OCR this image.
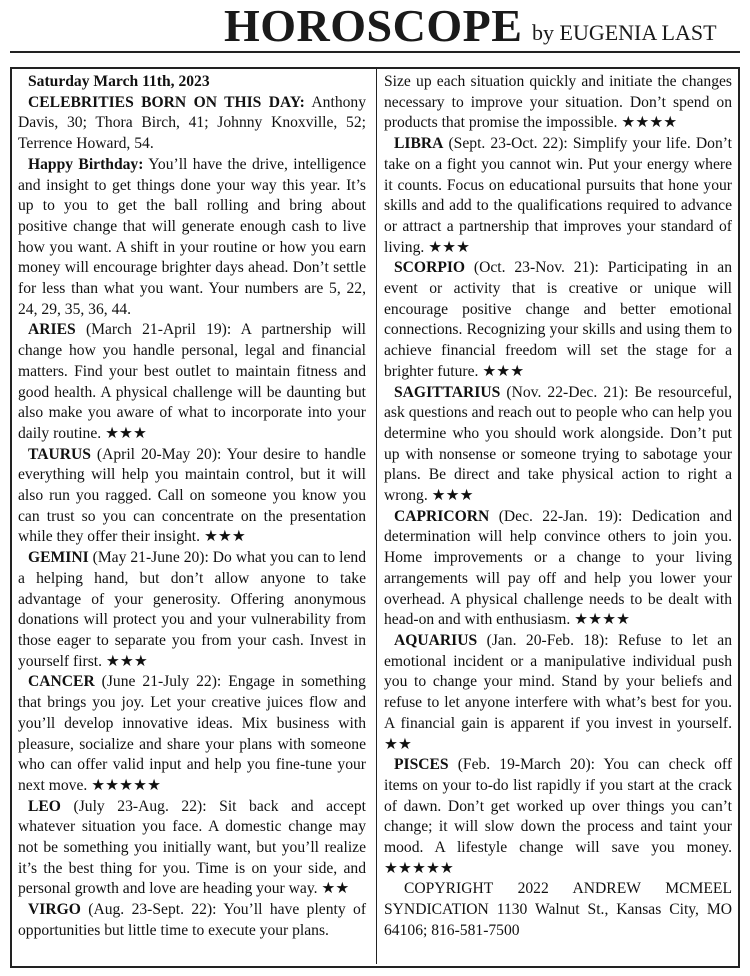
HOROSCOPE by EUGENIA LAST

Saturday March 11th, 2023

CELEBRITIES BORN ON THIS DAY: Anthony Davis, 30; Thora Birch, 41; Johnny Knoxville, 52; Terrence Howard, 54.

Happy Birthday: You’ll have the drive, intelligence and insight to get things done your way this year. It’s up to you to get the ball rolling and bring about positive change that will generate enough cash to live how you want. A shift in your routine or how you earn money will encourage brighter days ahead. Don’t settle for less than what you want. Your numbers are 5, 22, 24, 29, 35, 36, 44.

ARIES (March 21-April 19): A partnership will change how you handle personal, legal and financial matters. Find your best outlet to maintain fitness and good health. A physical challenge will be daunting but also make you aware of what to incorporate into your daily routine. ★★★

TAURUS (April 20-May 20): Your desire to handle everything will help you maintain control, but it will also run you ragged. Call on someone you know you can trust so you can concentrate on the presentation while they offer their insight. ★★★

GEMINI (May 21-June 20): Do what you can to lend a helping hand, but don’t allow anyone to take advantage of your generosity. Offering anonymous donations will protect you and your vulnerability from those eager to separate you from your cash. Invest in yourself first. ★★★

CANCER (June 21-July 22): Engage in something that brings you joy. Let your creative juices flow and you’ll develop innovative ideas. Mix business with pleasure, socialize and share your plans with someone who can offer valid input and help you fine-tune your next move. ★★★★★

LEO (July 23-Aug. 22): Sit back and accept whatever situation you face. A domestic change may not be something you initially want, but you’ll realize it’s the best thing for you. Time is on your side, and personal growth and love are heading your way. ★★

VIRGO (Aug. 23-Sept. 22): You’ll have plenty of opportunities but little time to execute your plans.

Size up each situation quickly and initiate the changes necessary to improve your situation. Don’t spend on products that promise the impossible. ★★★★

LIBRA (Sept. 23-Oct. 22): Simplify your life. Don’t take on a fight you cannot win. Put your energy where it counts. Focus on educational pursuits that hone your skills and add to the qualifications required to advance or attract a partnership that improves your standard of living. ★★★

SCORPIO (Oct. 23-Nov. 21): Participating in an event or activity that is creative or unique will encourage positive change and better emotional connections. Recognizing your skills and using them to achieve financial freedom will set the stage for a brighter future. ★★★

SAGITTARIUS (Nov. 22-Dec. 21): Be resourceful, ask questions and reach out to people who can help you determine who you should work alongside. Don’t put up with nonsense or someone trying to sabotage your plans. Be direct and take physical action to right a wrong. ★★★

CAPRICORN (Dec. 22-Jan. 19): Dedication and determination will help convince others to join you. Home improvements or a change to your living arrangements will pay off and help you lower your overhead. A physical challenge needs to be dealt with head-on and with enthusiasm. ★★★★

AQUARIUS (Jan. 20-Feb. 18): Refuse to let an emotional incident or a manipulative individual push you to change your mind. Stand by your beliefs and refuse to let anyone interfere with what’s best for you. A financial gain is apparent if you invest in yourself. ★★

PISCES (Feb. 19-March 20): You can check off items on your to-do list rapidly if you start at the crack of dawn. Don’t get worked up over things you can’t change; it will slow down the process and taint your mood. A lifestyle change will save you money. ★★★★★

COPYRIGHT 2022 ANDREW MCMEEL SYNDICATION 1130 Walnut St., Kansas City, MO 64106; 816-581-7500
